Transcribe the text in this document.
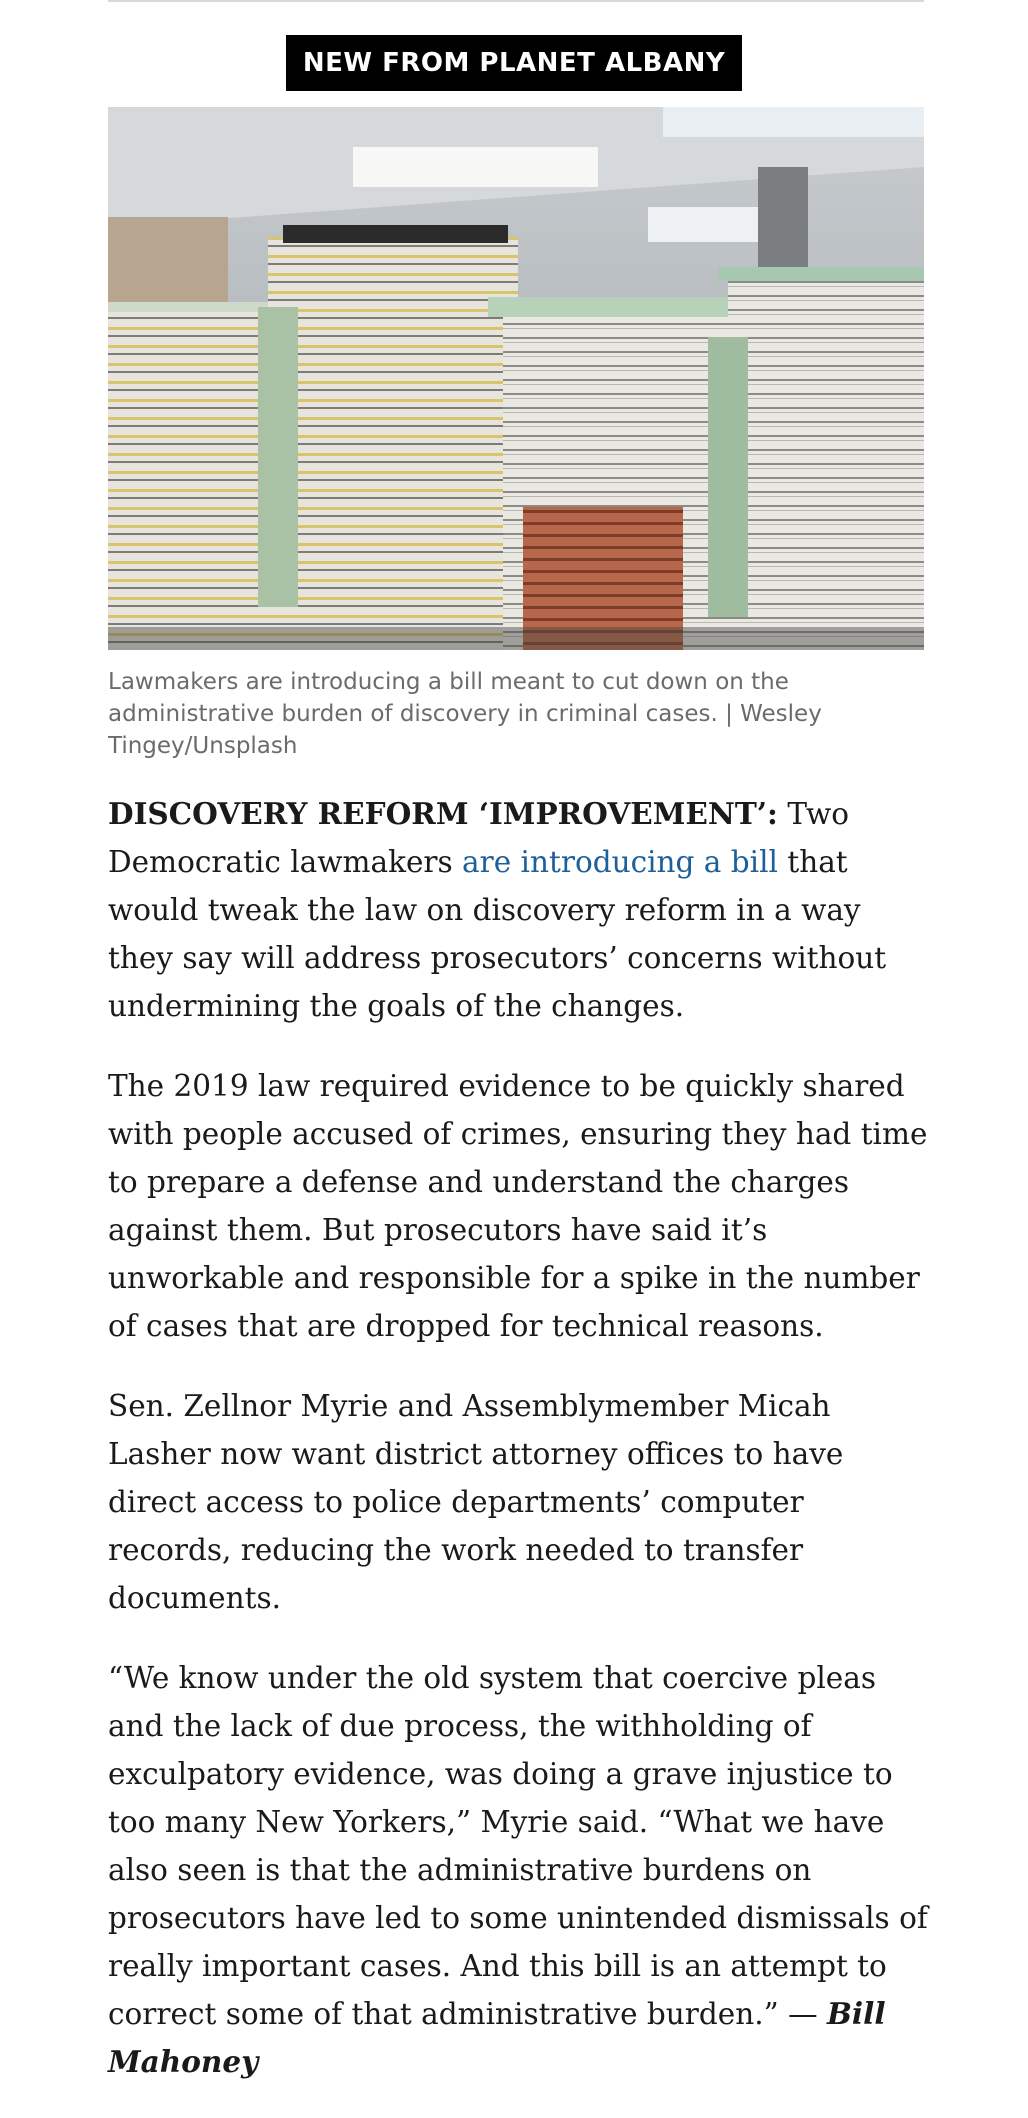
NEW FROM PLANET ALBANY

Lawmakers are introducing a bill meant to cut down on the administrative burden of discovery in criminal cases. | Wesley Tingey/Unsplash

DISCOVERY REFORM ‘IMPROVEMENT’: Two Democratic lawmakers are introducing a bill that would tweak the law on discovery reform in a way they say will address prosecutors’ concerns without undermining the goals of the changes.

The 2019 law required evidence to be quickly shared with people accused of crimes, ensuring they had time to prepare a defense and understand the charges against them. But prosecutors have said it’s unworkable and responsible for a spike in the number of cases that are dropped for technical reasons.

Sen. Zellnor Myrie and Assemblymember Micah Lasher now want district attorney offices to have direct access to police departments’ computer records, reducing the work needed to transfer documents.

“We know under the old system that coercive pleas and the lack of due process, the withholding of exculpatory evidence, was doing a grave injustice to too many New Yorkers,” Myrie said. “What we have also seen is that the administrative burdens on prosecutors have led to some unintended dismissals of really important cases. And this bill is an attempt to correct some of that administrative burden.” — Bill Mahoney
